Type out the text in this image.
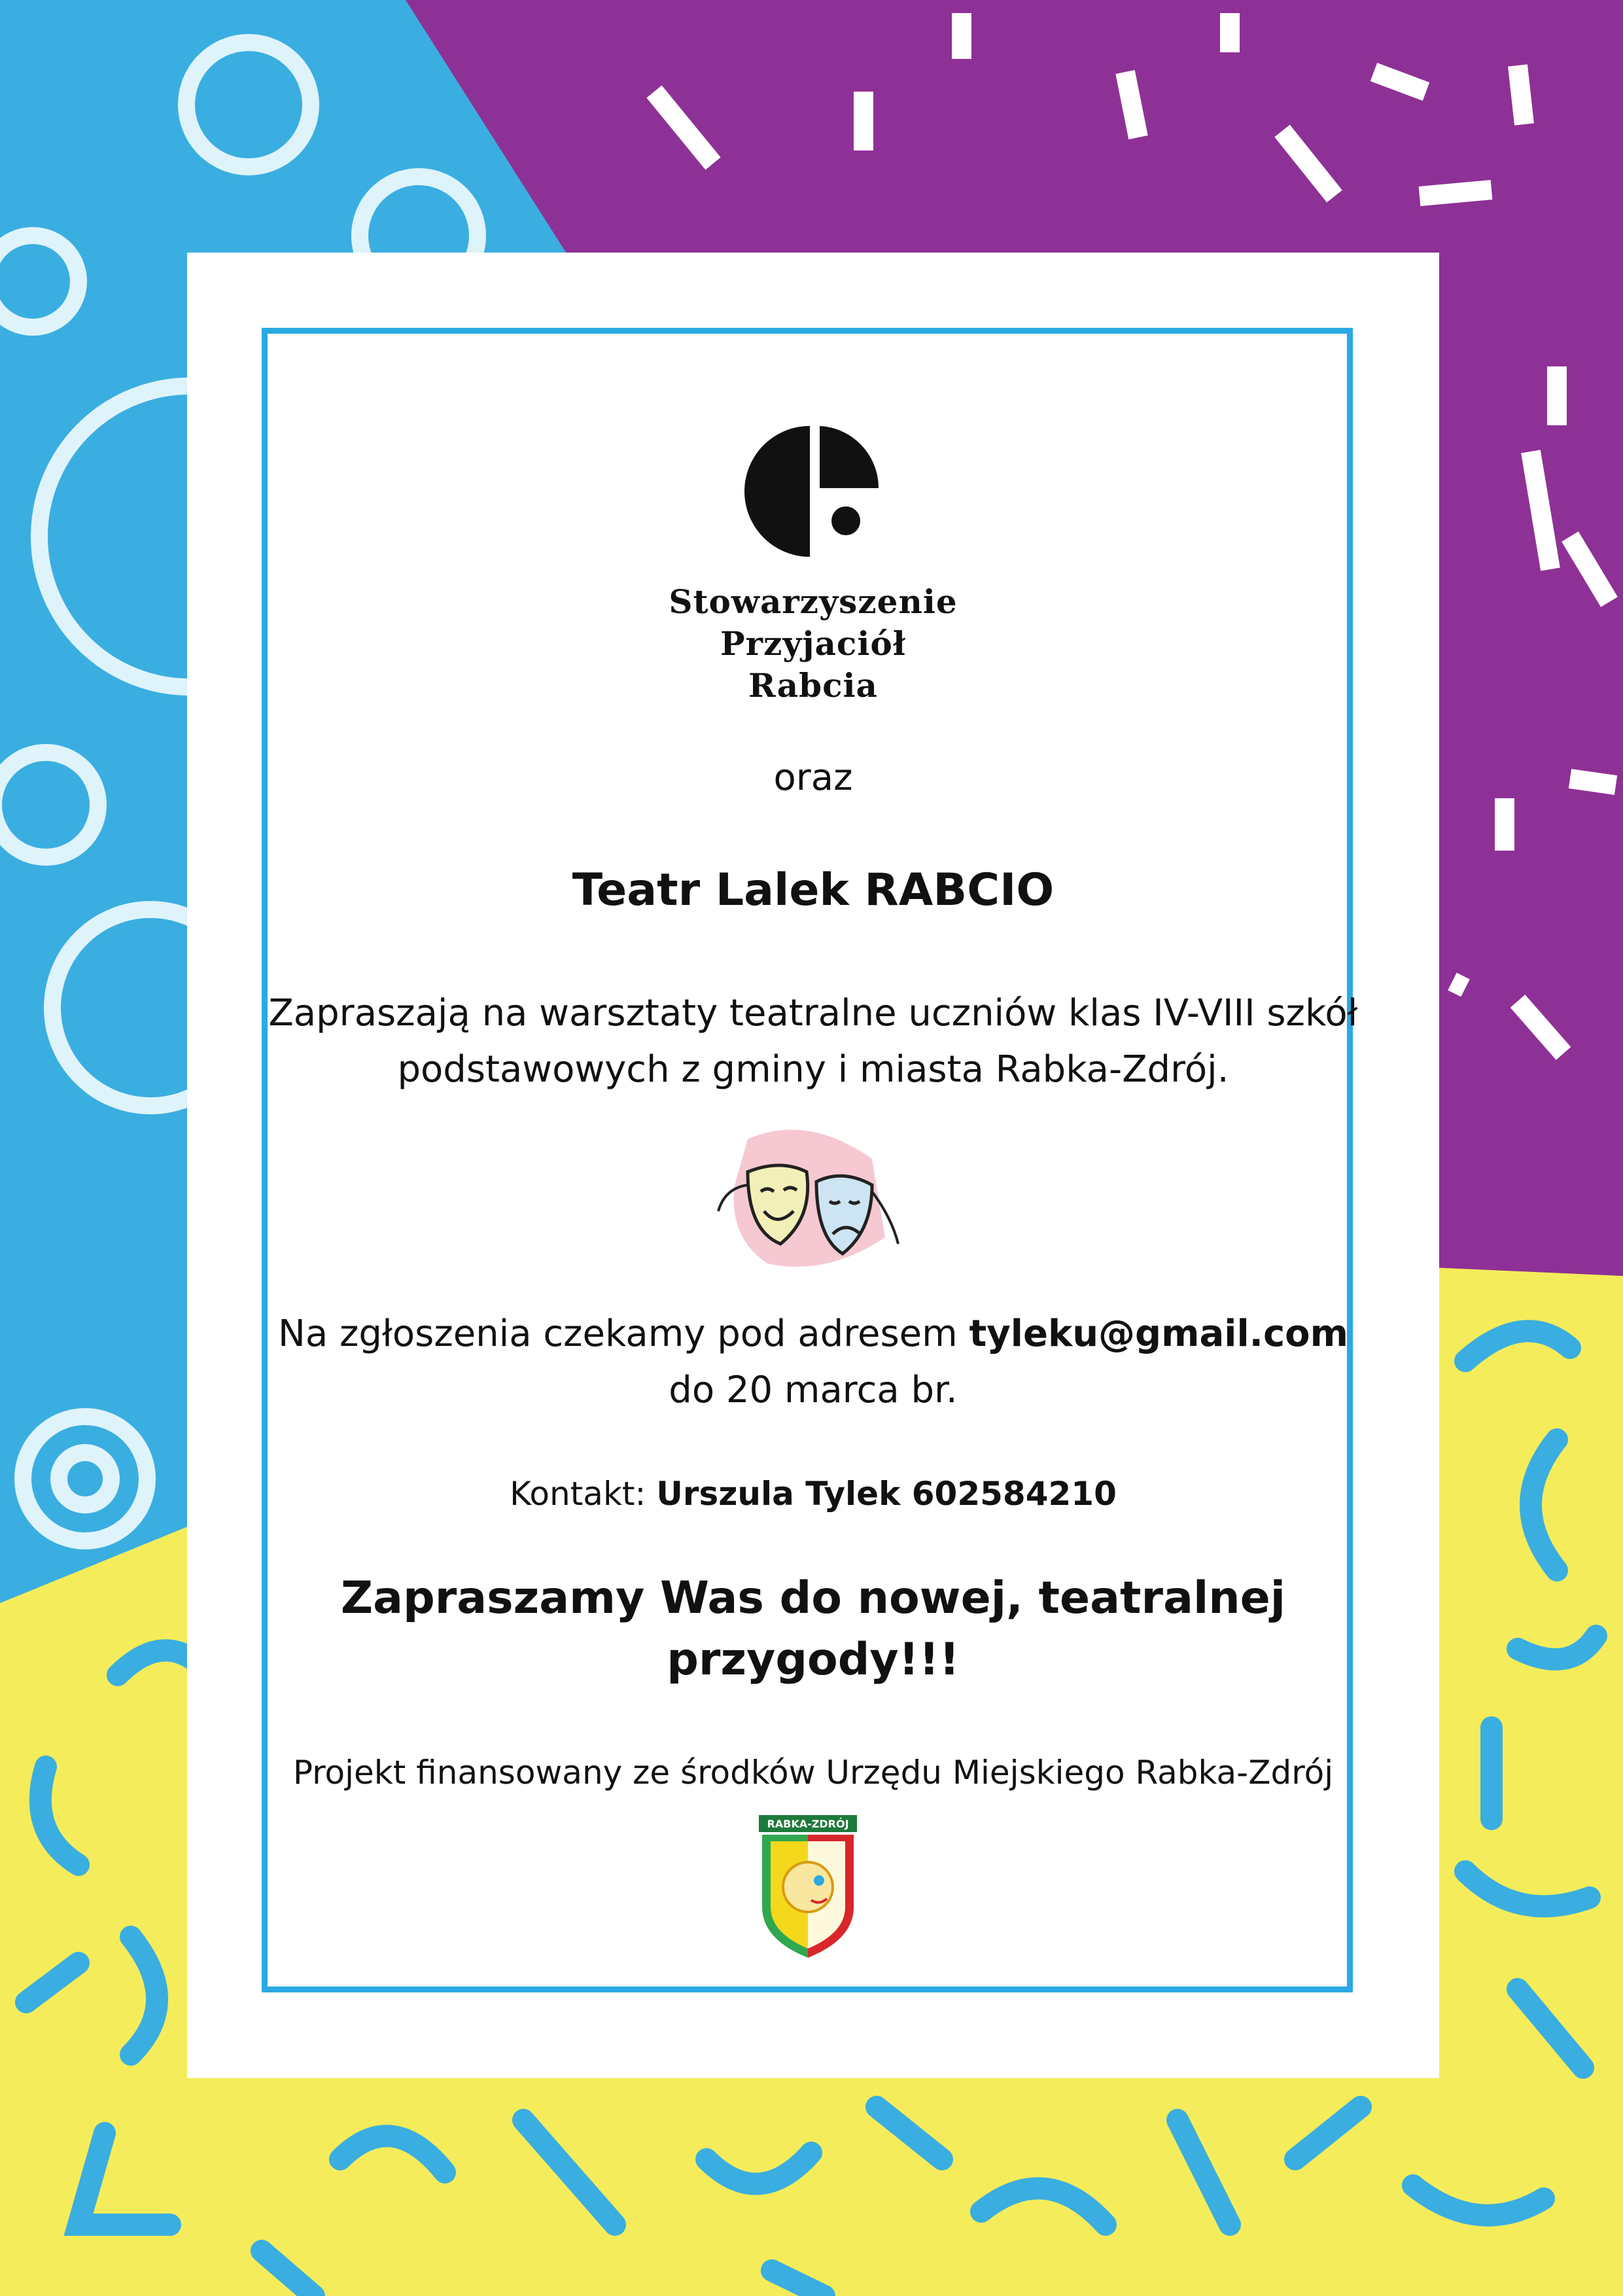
Stowarzyszenie
Przyjaciół
Rabcia
oraz
Teatr Lalek RABCIO
Zapraszają na warsztaty teatralne uczniów klas IV-VIII szkół
podstawowych z gminy i miasta Rabka-Zdrój.
Na zgłoszenia czekamy pod adresem tyleku@gmail.com
do 20 marca br.
Kontakt: Urszula Tylek 602584210
Zapraszamy Was do nowej, teatralnej
przygody!!!
Projekt finansowany ze środków Urzędu Miejskiego Rabka-Zdrój
RABKA-ZDRÓJ
